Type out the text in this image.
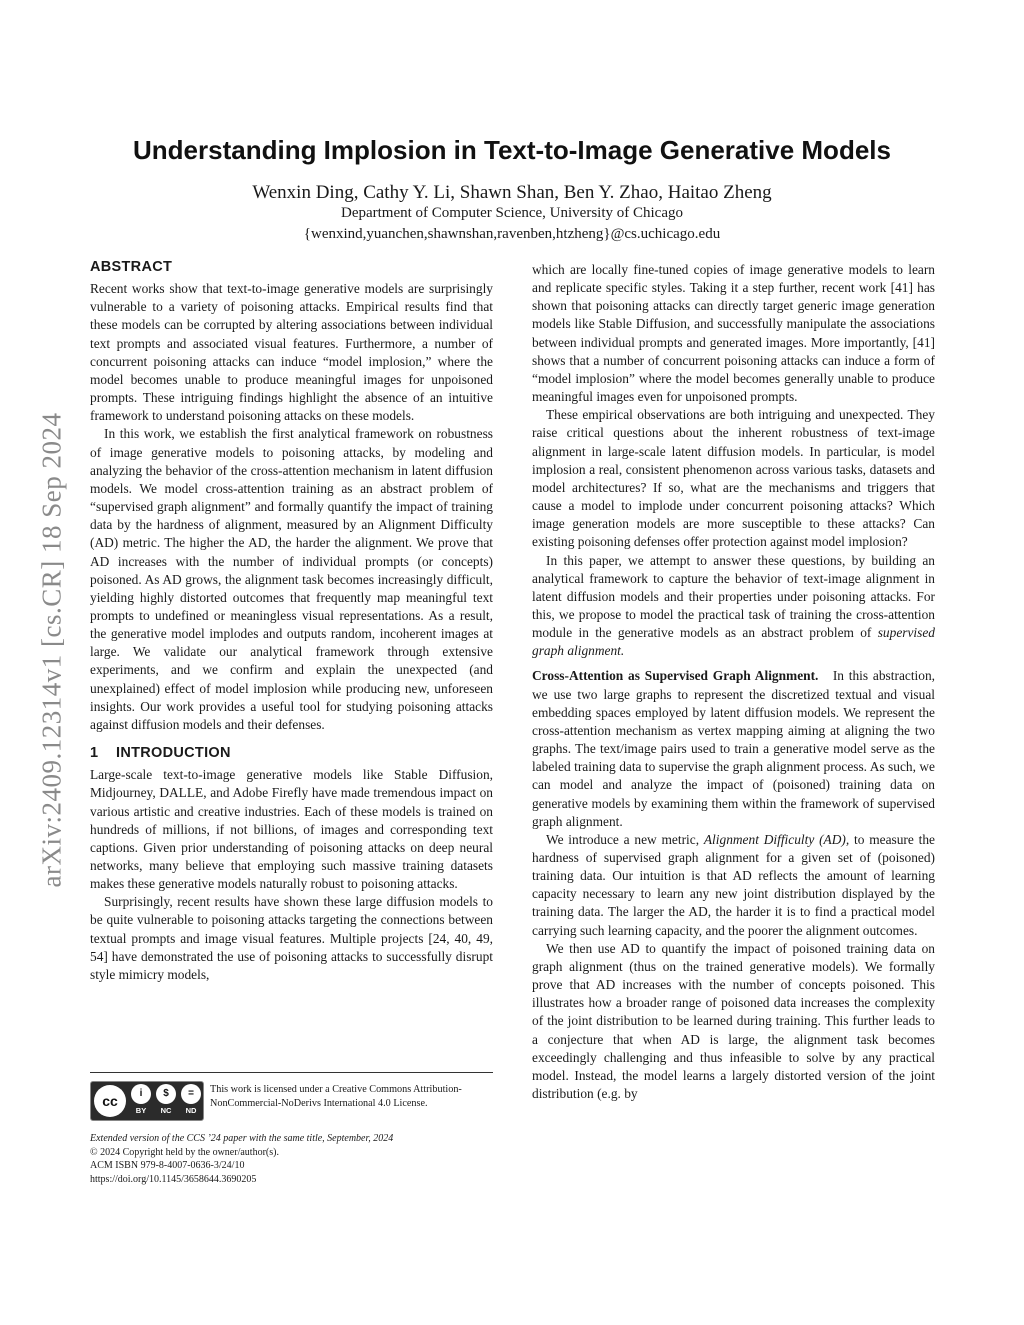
arXiv:2409.12314v1 [cs.CR] 18 Sep 2024
Understanding Implosion in Text-to-Image Generative Models
Wenxin Ding, Cathy Y. Li, Shawn Shan, Ben Y. Zhao, Haitao Zheng
Department of Computer Science, University of Chicago
{wenxind,yuanchen,shawnshan,ravenben,htzheng}@cs.uchicago.edu
ABSTRACT

Recent works show that text-to-image generative models are surprisingly vulnerable to a variety of poisoning attacks. Empirical results find that these models can be corrupted by altering associations between individual text prompts and associated visual features. Furthermore, a number of concurrent poisoning attacks can induce “model implosion,” where the model becomes unable to produce meaningful images for unpoisoned prompts. These intriguing findings highlight the absence of an intuitive framework to understand poisoning attacks on these models.

In this work, we establish the first analytical framework on robustness of image generative models to poisoning attacks, by modeling and analyzing the behavior of the cross-attention mechanism in latent diffusion models. We model cross-attention training as an abstract problem of “supervised graph alignment” and formally quantify the impact of training data by the hardness of alignment, measured by an Alignment Difficulty (AD) metric. The higher the AD, the harder the alignment. We prove that AD increases with the number of individual prompts (or concepts) poisoned. As AD grows, the alignment task becomes increasingly difficult, yielding highly distorted outcomes that frequently map meaningful text prompts to undefined or meaningless visual representations. As a result, the generative model implodes and outputs random, incoherent images at large. We validate our analytical framework through extensive experiments, and we confirm and explain the unexpected (and unexplained) effect of model implosion while producing new, unforeseen insights. Our work provides a useful tool for studying poisoning attacks against diffusion models and their defenses.

1 INTRODUCTION

Large-scale text-to-image generative models like Stable Diffusion, Midjourney, DALLE, and Adobe Firefly have made tremendous impact on various artistic and creative industries. Each of these models is trained on hundreds of millions, if not billions, of images and corresponding text captions. Given prior understanding of poisoning attacks on deep neural networks, many believe that employing such massive training datasets makes these generative models naturally robust to poisoning attacks.

Surprisingly, recent results have shown these large diffusion models to be quite vulnerable to poisoning attacks targeting the connections between textual prompts and image visual features. Multiple projects [24, 40, 49, 54] have demonstrated the use of poisoning attacks to successfully disrupt style mimicry models,

which are locally fine-tuned copies of image generative models to learn and replicate specific styles. Taking it a step further, recent work [41] has shown that poisoning attacks can directly target generic image generation models like Stable Diffusion, and successfully manipulate the associations between individual prompts and generated images. More importantly, [41] shows that a number of concurrent poisoning attacks can induce a form of “model implosion” where the model becomes generally unable to produce meaningful images even for unpoisoned prompts.

These empirical observations are both intriguing and unexpected. They raise critical questions about the inherent robustness of text-image alignment in large-scale latent diffusion models. In particular, is model implosion a real, consistent phenomenon across various tasks, datasets and model architectures? If so, what are the mechanisms and triggers that cause a model to implode under concurrent poisoning attacks? Which image generation models are more susceptible to these attacks? Can existing poisoning defenses offer protection against model implosion?

In this paper, we attempt to answer these questions, by building an analytical framework to capture the behavior of text-image alignment in latent diffusion models and their properties under poisoning attacks. For this, we propose to model the practical task of training the cross-attention module in the generative models as an abstract problem of supervised graph alignment.

Cross-Attention as Supervised Graph Alignment. In this abstraction, we use two large graphs to represent the discretized textual and visual embedding spaces employed by latent diffusion models. We represent the cross-attention mechanism as vertex mapping aiming at aligning the two graphs. The text/image pairs used to train a generative model serve as the labeled training data to supervise the graph alignment process. As such, we can model and analyze the impact of (poisoned) training data on generative models by examining them within the framework of supervised graph alignment.

We introduce a new metric, Alignment Difficulty (AD), to measure the hardness of supervised graph alignment for a given set of (poisoned) training data. Our intuition is that AD reflects the amount of learning capacity necessary to learn any new joint distribution displayed by the training data. The larger the AD, the harder it is to find a practical model carrying such learning capacity, and the poorer the alignment outcomes.

We then use AD to quantify the impact of poisoned training data on graph alignment (thus on the trained generative models). We formally prove that AD increases with the number of concepts poisoned. This illustrates how a broader range of poisoned data increases the complexity of the joint distribution to be learned during training. This further leads to a conjecture that when AD is large, the alignment task becomes exceedingly challenging and thus infeasible to solve by any practical model. Instead, the model learns a largely distorted version of the joint distribution (e.g. by

cc	i	$	=
BY	NC	ND
This work is licensed under a Creative Commons Attribution-NonCommercial-NoDerivs International 4.0 License.
Extended version of the CCS ’24 paper with the same title, September, 2024
© 2024 Copyright held by the owner/author(s).
ACM ISBN 979-8-4007-0636-3/24/10
https://doi.org/10.1145/3658644.3690205
